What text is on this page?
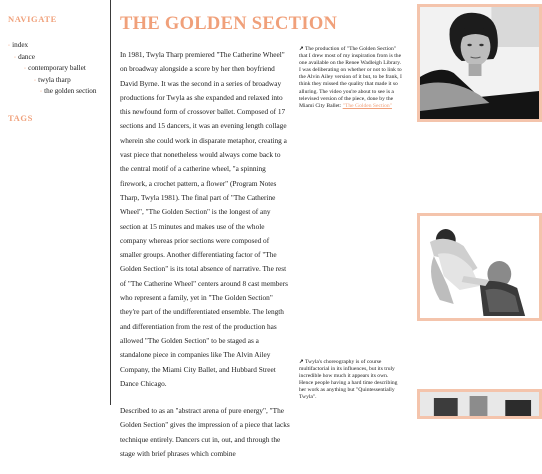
NAVIGATE
◦ index
◦ dance
◦ contemporary ballet
◦ twyla tharp
◦ the golden section
TAGS
THE GOLDEN SECTION

In 1981, Twyla Tharp premiered "The Catherine Wheel" on broadway alongside a score by her then boyfriend David Byrne. It was the second in a series of broadway productions for Twyla as she expanded and relaxed into this newfound form of crossover ballet. Composed of 17 sections and 15 dancers, it was an evening length collage wherein she could work in disparate metaphor, creating a vast piece that nonetheless would always come back to the central motif of a catherine wheel, "a spinning firework, a crochet pattern, a flower" (Program Notes Tharp, Twyla 1981). The final part of "The Catherine Wheel", "The Golden Section" is the longest of any section at 15 minutes and makes use of the whole company whereas prior sections were composed of smaller groups. Another differentiating factor of "The Golden Section" is its total absence of narrative. The rest of "The Catherine Wheel" centers around 8 cast members who represent a family, yet in "The Golden Section" they're part of the undifferentiated ensemble. The length and differentiation from the rest of the production has allowed "The Golden Section" to be staged as a standalone piece in companies like The Alvin Ailey Company, the Miami City Ballet, and Hubbard Street Dance Chicago.

Described to as an "abstract arena of pure energy", "The Golden Section" gives the impression of a piece that lacks technique entirely. Dancers cut in, out, and through the stage with brief phrases which combine

↗ The production of "The Golden Section" that I drew most of my inspiration from is the one available on the Renee Wadleigh Library. I was deliberating on whether or not to link to the Alvin Ailey version of it but, to be frank, I think they missed the quality that made it so alluring. The video you're about to see is a televised version of the piece, done by the Miami City Ballet: "The Golden Section"
↗ Twyla's choreography is of course multifactorial in its influences, but its truly incredible how much it appears its own. Hence people having a hard time describing her work as anything but "Quintessentially Twyla".
